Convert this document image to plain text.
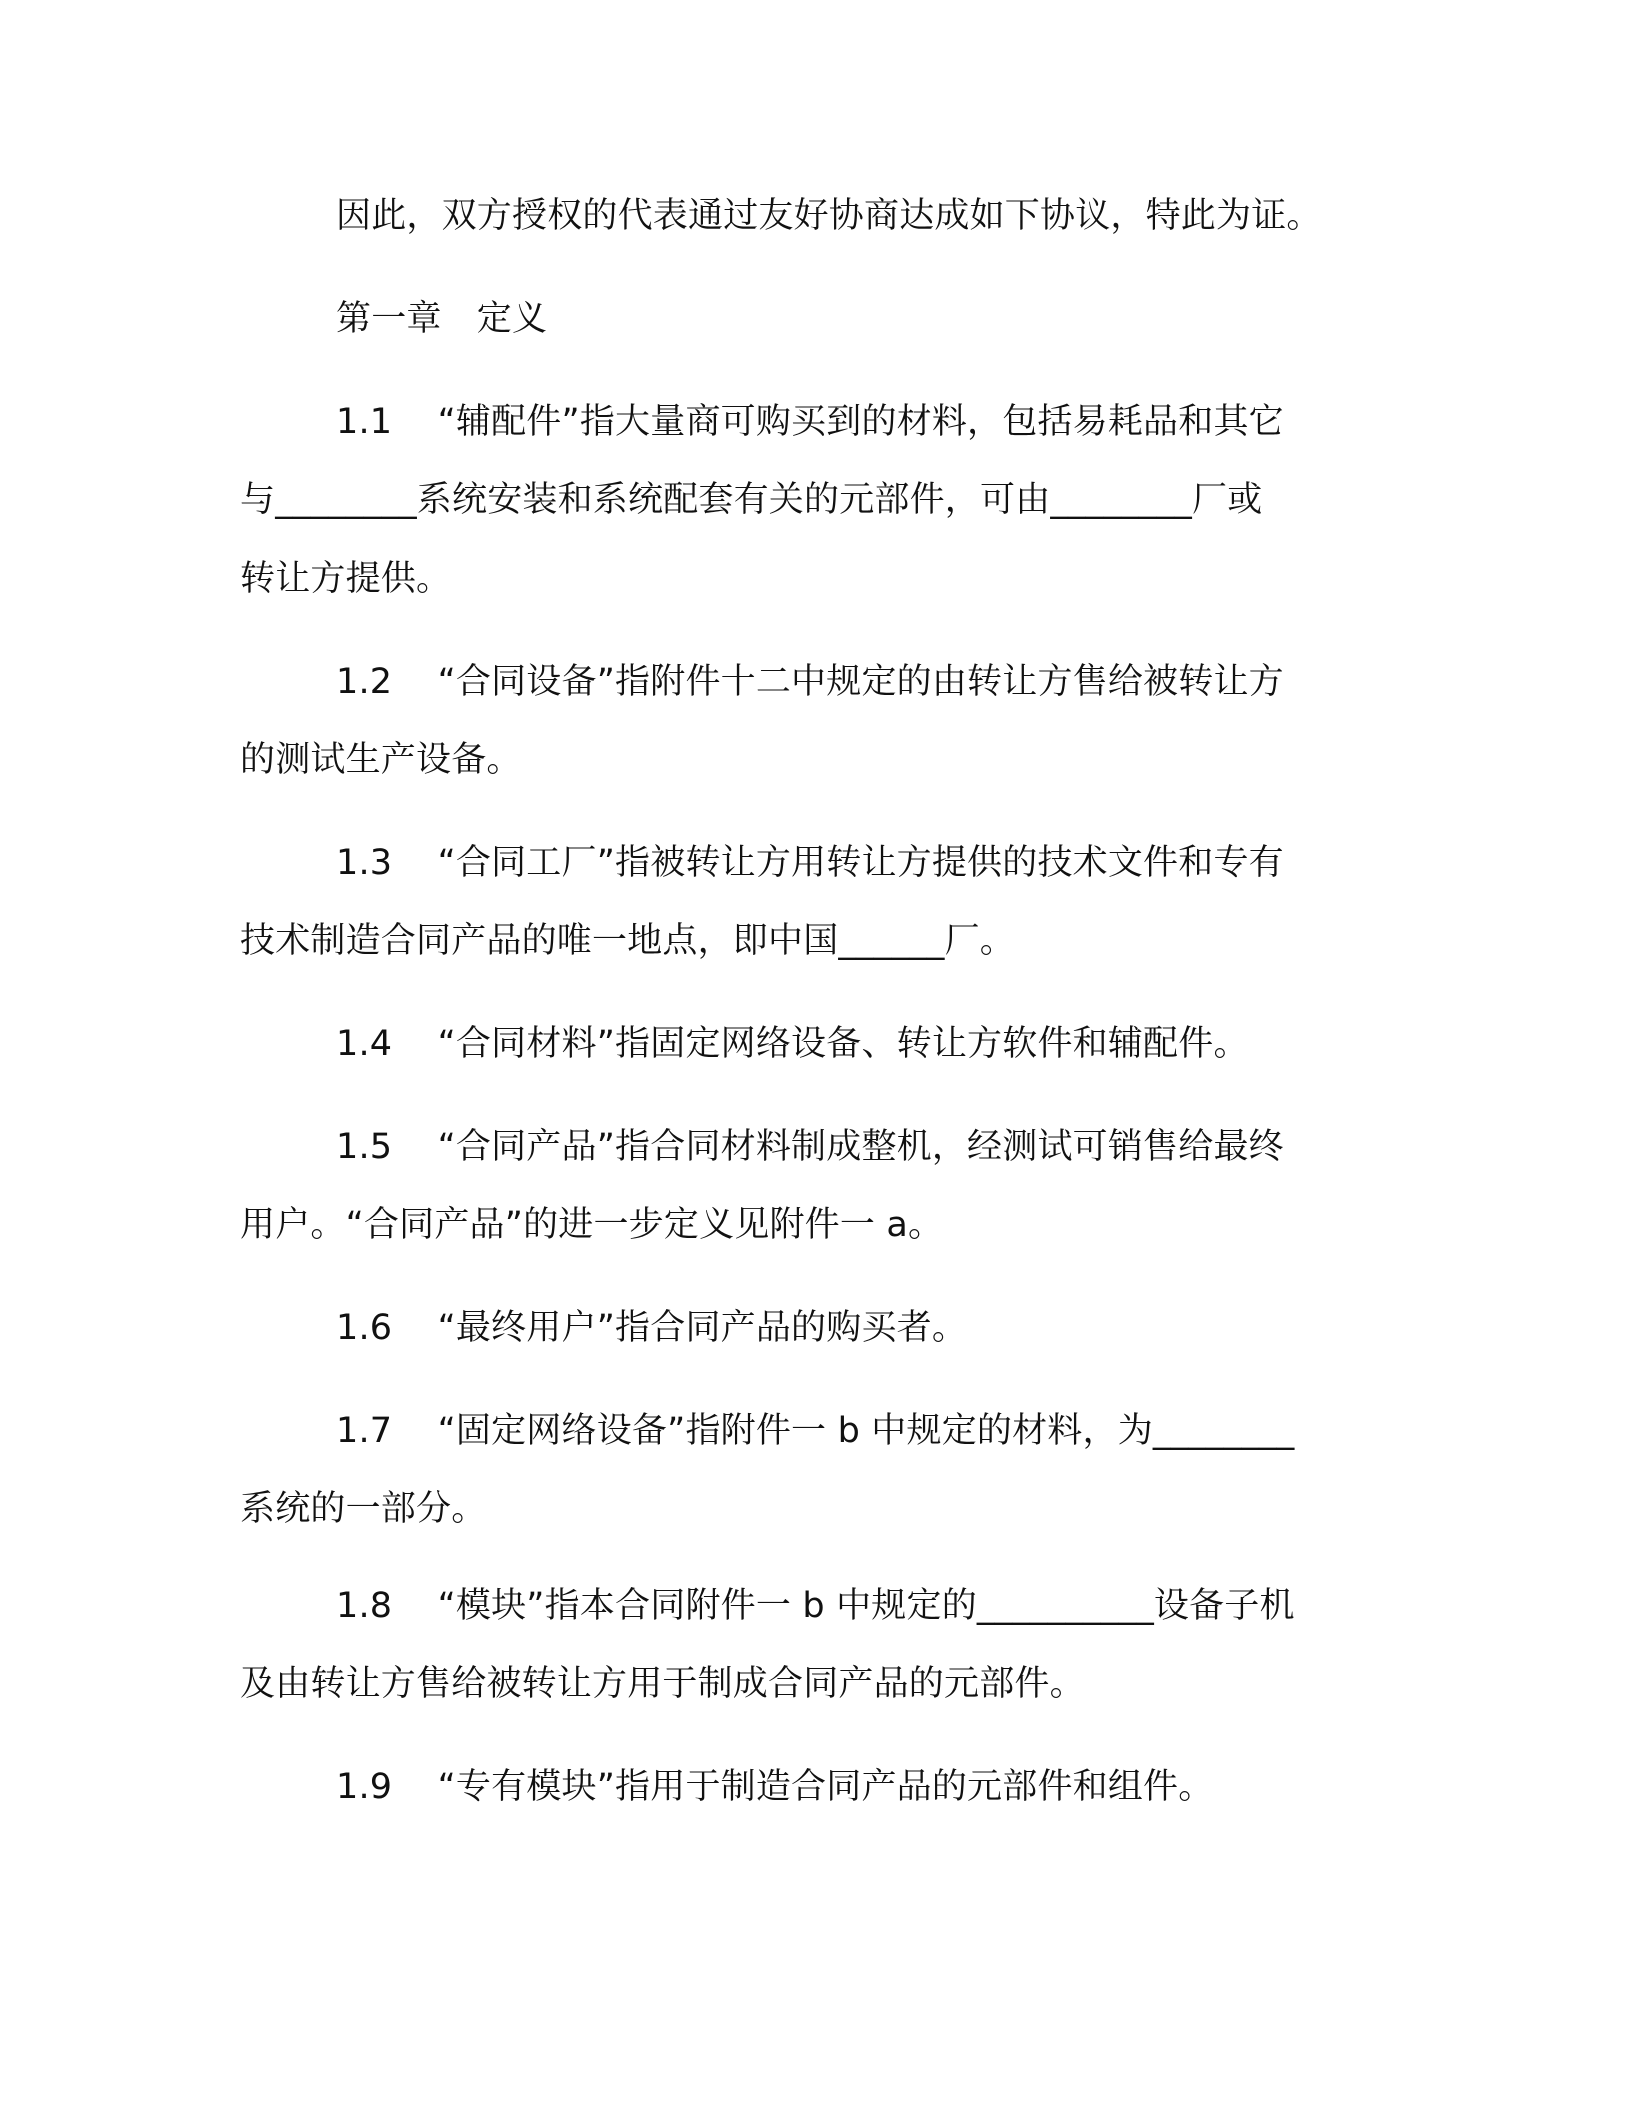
因此，双方授权的代表通过友好协商达成如下协议，特此为证。
第一章　定义
1.1 “辅配件”指大量商可购买到的材料，包括易耗品和其它
与________系统安装和系统配套有关的元部件，可由________厂或
转让方提供。
1.2 “合同设备”指附件十二中规定的由转让方售给被转让方
的测试生产设备。
1.3 “合同工厂”指被转让方用转让方提供的技术文件和专有
技术制造合同产品的唯一地点，即中国______厂。
1.4 “合同材料”指固定网络设备、转让方软件和辅配件。
1.5 “合同产品”指合同材料制成整机，经测试可销售给最终
用户。“合同产品”的进一步定义见附件一 a。
1.6 “最终用户”指合同产品的购买者。
1.7 “固定网络设备”指附件一 b 中规定的材料，为________
系统的一部分。
1.8 “模块”指本合同附件一 b 中规定的__________设备子机
及由转让方售给被转让方用于制成合同产品的元部件。
1.9 “专有模块”指用于制造合同产品的元部件和组件。
